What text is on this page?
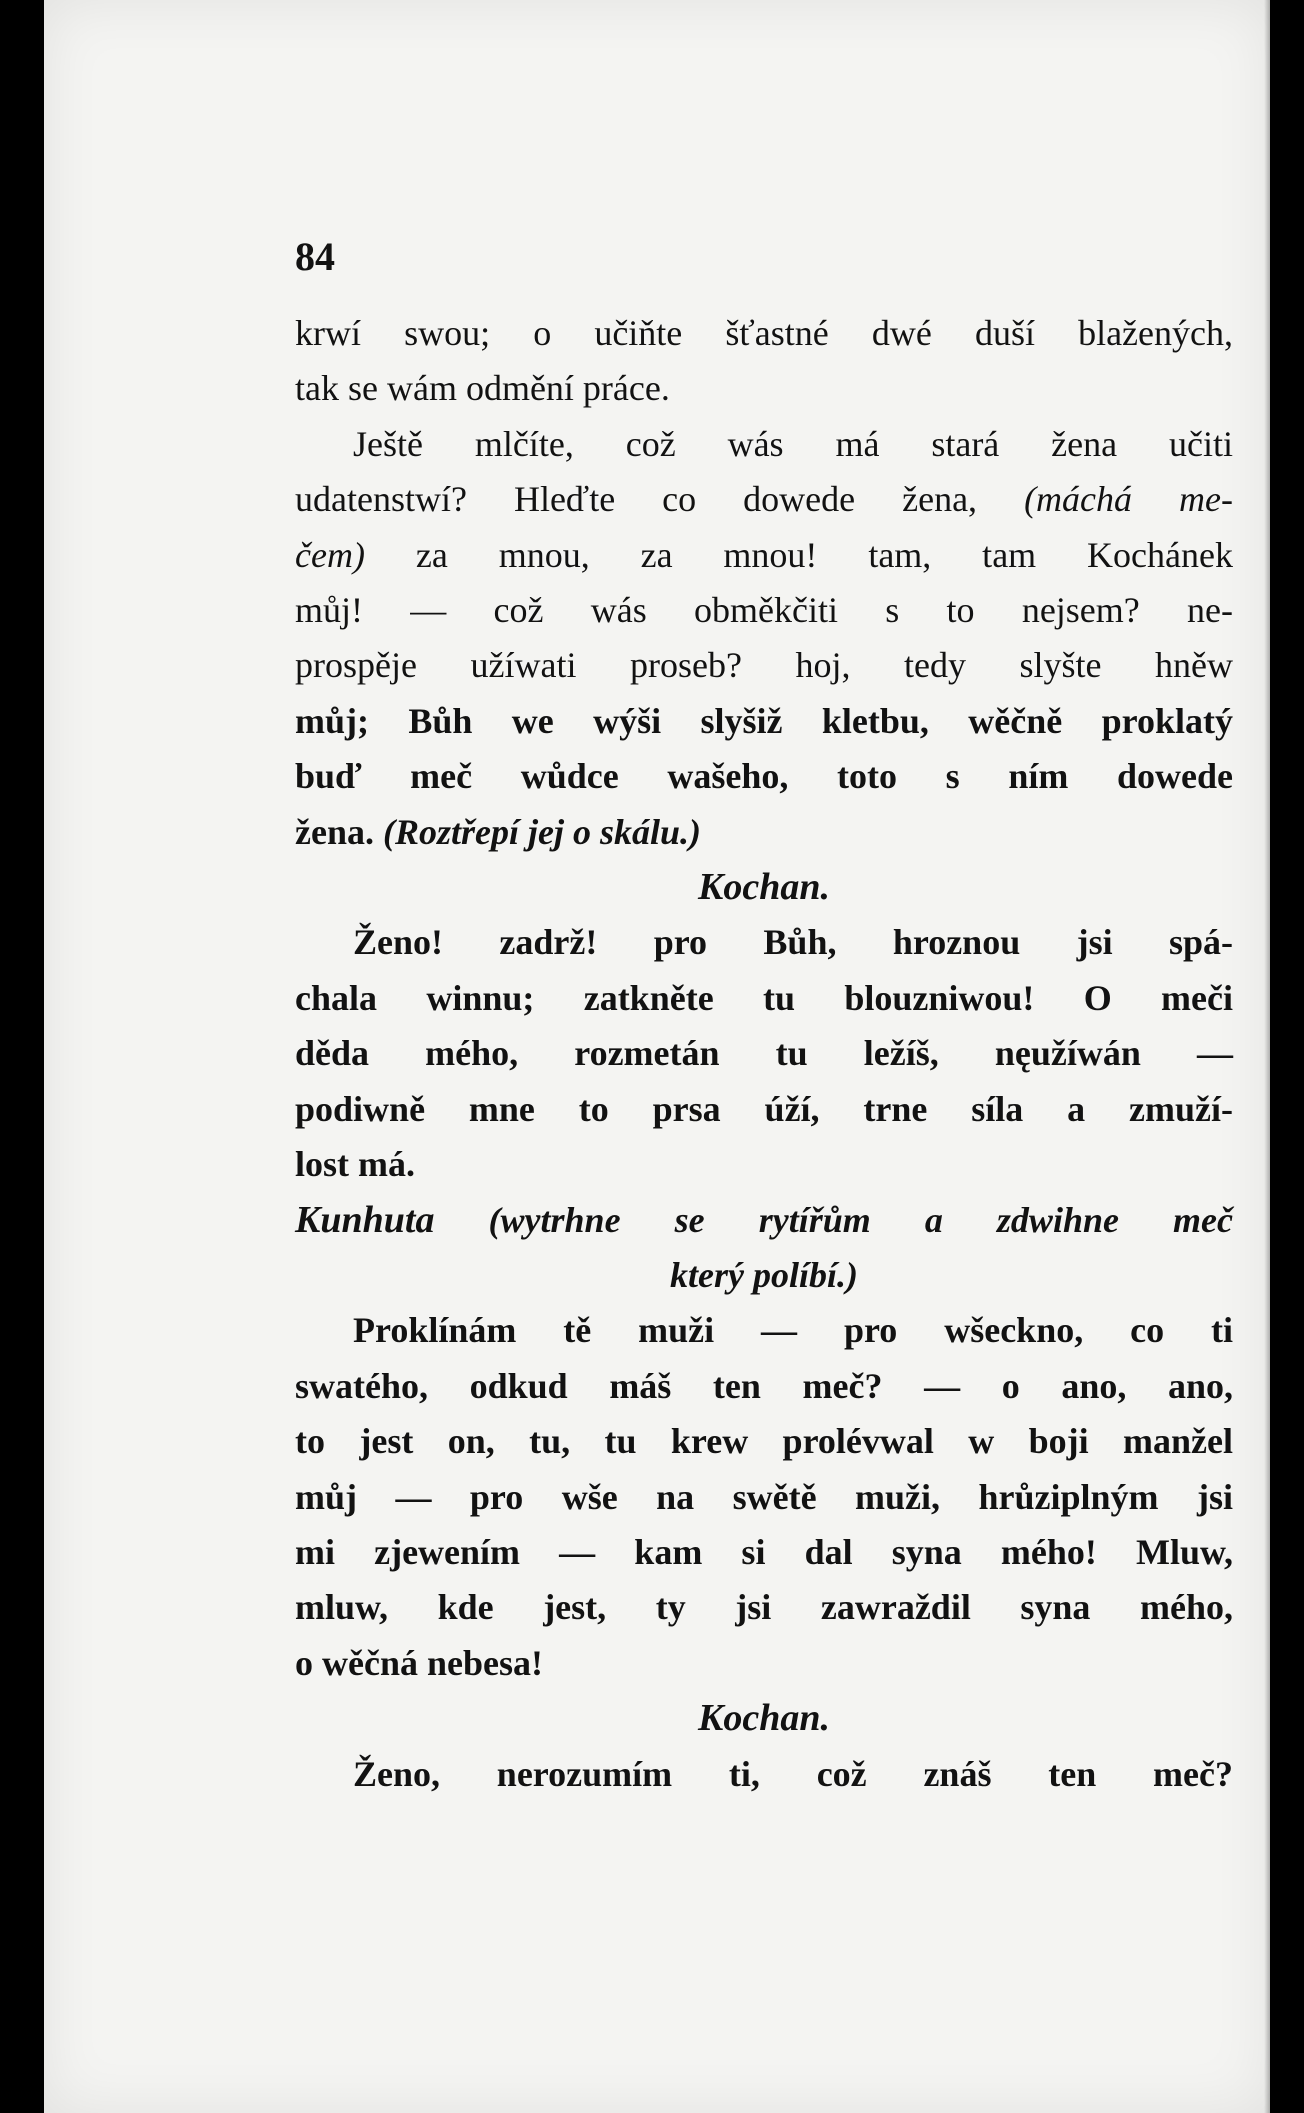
84
krwí swou; o učiňte šťastné dwé duší blažených,
tak se wám odmění práce.
Ještě mlčíte, což wás má stará žena učiti
udatenstwí? Hleďte co dowede žena, (máchá me-
čem) za mnou, za mnou! tam, tam Kochánek
můj! — což wás obměkčiti s to nejsem? ne-
prospěje užíwati proseb? hoj, tedy slyšte hněw
můj; Bůh we wýši slyšiž kletbu, wěčně proklatý
buď meč wůdce wašeho, toto s ním dowede
žena. (Roztřepí jej o skálu.)
Kochan.
Ženo! zadrž! pro Bůh, hroznou jsi spá-
chala winnu; zatkněte tu blouzniwou! O meči
děda mého, rozmetán tu ležíš, nęužíwán —
podiwně mne to prsa úží, trne síla a zmuží-
lost má.
Kunhuta (wytrhne se rytířům a zdwihne meč
který políbí.)
Proklínám tě muži — pro wšeckno, co ti
swatého, odkud máš ten meč? — o ano, ano,
to jest on, tu, tu krew prolévwal w boji manžel
můj — pro wše na swětě muži, hrůziplným jsi
mi zjewením — kam si dal syna mého! Mluw,
mluw, kde jest, ty jsi zawraždil syna mého,
o wěčná nebesa!
Kochan.
Ženo, nerozumím ti, což znáš ten meč?
